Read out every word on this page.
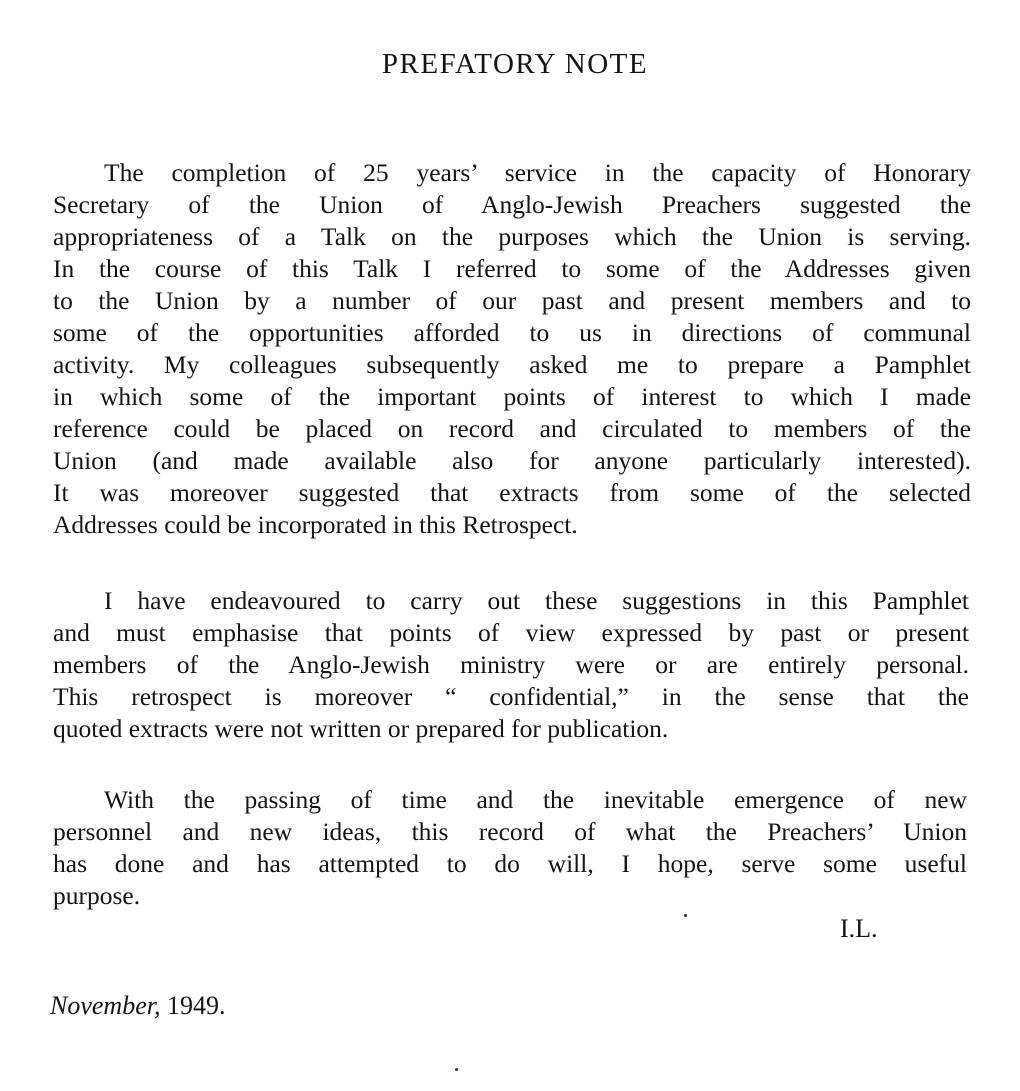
PREFATORY NOTE
The completion of 25 years’ service in the capacity of Honorary
Secretary of the Union of Anglo-Jewish Preachers suggested the
appropriateness of a Talk on the purposes which the Union is serving.
In the course of this Talk I referred to some of the Addresses given
to the Union by a number of our past and present members and to
some of the opportunities afforded to us in directions of communal
activity. My colleagues subsequently asked me to prepare a Pamphlet
in which some of the important points of interest to which I made
reference could be placed on record and circulated to members of the
Union (and made available also for anyone particularly interested).
It was moreover suggested that extracts from some of the selected
Addresses could be incorporated in this Retrospect.
I have endeavoured to carry out these suggestions in this Pamphlet
and must emphasise that points of view expressed by past or present
members of the Anglo-Jewish ministry were or are entirely personal.
This retrospect is moreover “ confidential,” in the sense that the
quoted extracts were not written or prepared for publication.
With the passing of time and the inevitable emergence of new
personnel and new ideas, this record of what the Preachers’ Union
has done and has attempted to do will, I hope, serve some useful
purpose.
I.L.
November, 1949.
